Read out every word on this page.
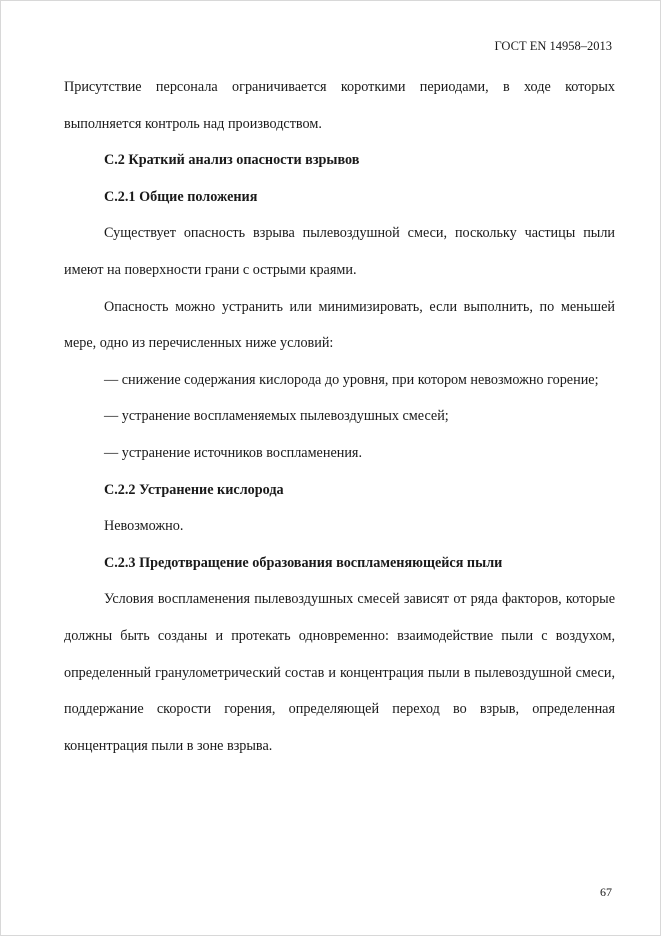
ГОСТ EN 14958–2013

Присутствие персонала ограничивается короткими периодами, в ходе которых выполняется контроль над производством.

С.2 Краткий анализ опасности взрывов

С.2.1 Общие положения

Существует опасность взрыва пылевоздушной смеси, поскольку частицы пыли имеют на поверхности грани с острыми краями.

Опасность можно устранить или минимизировать, если выполнить, по меньшей мере, одно из перечисленных ниже условий:

— снижение содержания кислорода до уровня, при котором невозможно горение;

— устранение воспламеняемых пылевоздушных смесей;

— устранение источников воспламенения.

С.2.2 Устранение кислорода

Невозможно.

С.2.3 Предотвращение образования воспламеняющейся пыли

Условия воспламенения пылевоздушных смесей зависят от ряда факторов, которые должны быть созданы и протекать одновременно: взаимодействие пыли с воздухом, определенный гранулометрический состав и концентрация пыли в пылевоздушной смеси, поддержание скорости горения, определяющей переход во взрыв, определенная концентрация пыли в зоне взрыва.

67
